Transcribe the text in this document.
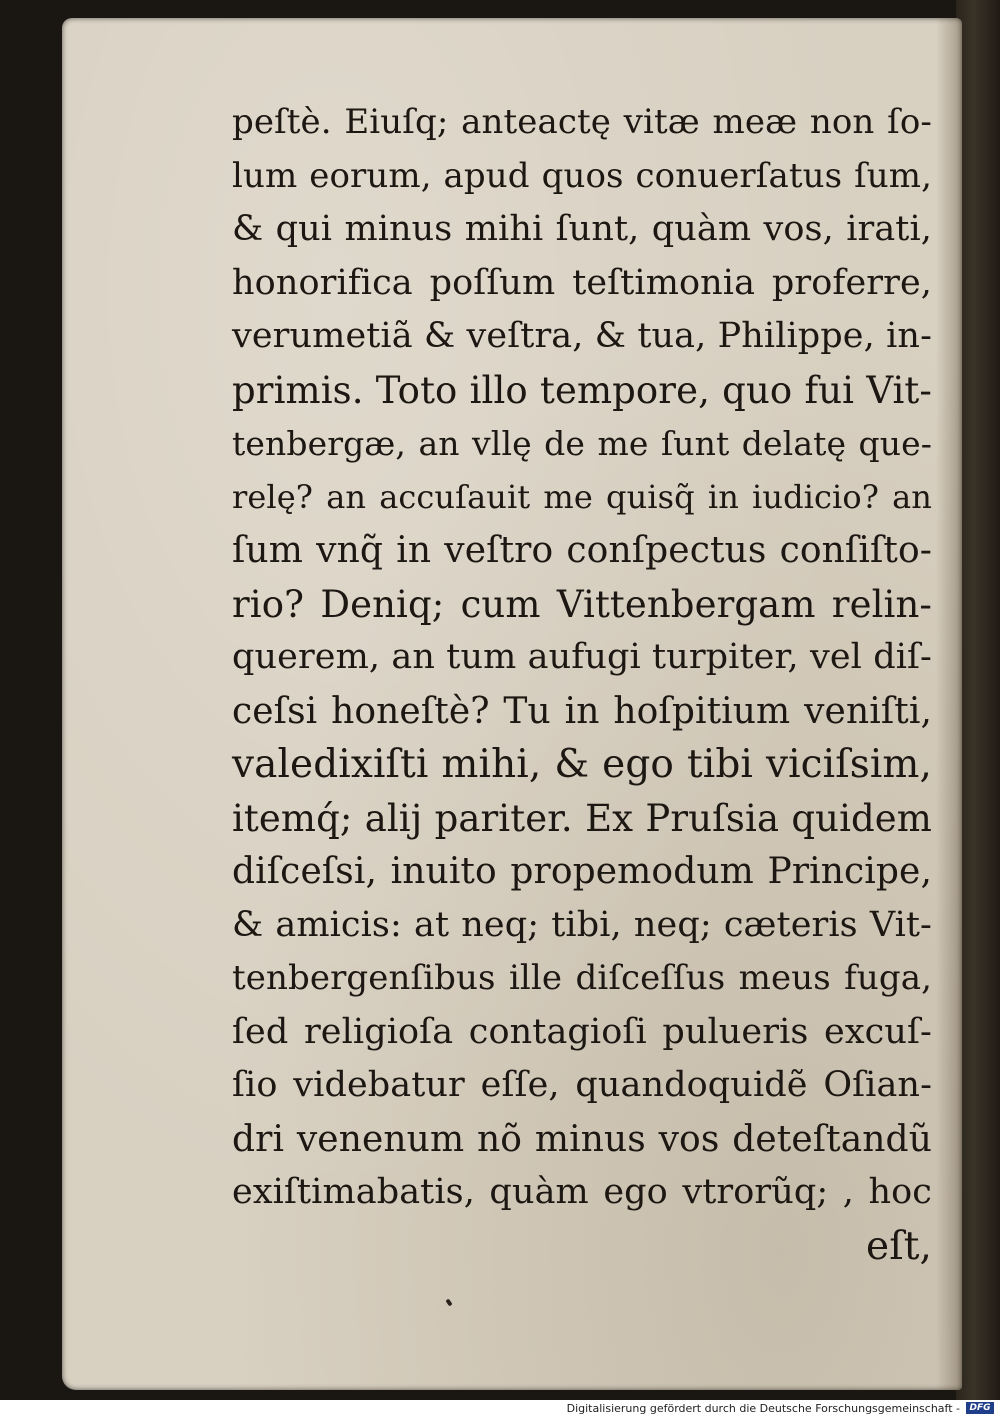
peſtè. Eiuſq; anteactę vitæ meæ non ſo-
lum eorum, apud quos conuerſatus ſum,
& qui minus mihi ſunt, quàm vos, irati,
honorifica poſſum teſtimonia proferre,
verumetiã & veſtra, & tua, Philippe, in-
primis. Toto illo tempore, quo fui Vit-
tenbergæ, an vllę de me ſunt delatę que-
relę? an accuſauit me quisq̃ in iudicio? an
ſum vnq̃ in veſtro conſpectus conſiſto-
rio? Deniq; cum Vittenbergam relin-
quere​m, an tum aufugi turpiter, vel diſ-
ceſsi honeſtè? Tu in hoſpitium veniſti,
valedixiſti mihi, & ego tibi viciſsim,
itemq́; alij pariter. Ex Pruſsia quidem
diſceſsi, inuito propemodum Principe,
& amicis: at neq; tibi, neq; cæteris Vit-
tenbergenſibus ille diſceſſus meus fuga,
ſed religioſa contagioſi pulueris excuſ-
ſio videbatur eſſe, quandoquidẽ Oſian-
dri venenum nõ minus vos deteſtandũ
exiſtimabatis, quàm ego vtrorũq; , hoc
eſt,
Digitalisierung gefördert durch die Deutsche Forschungsgemeinschaft -	DFG
